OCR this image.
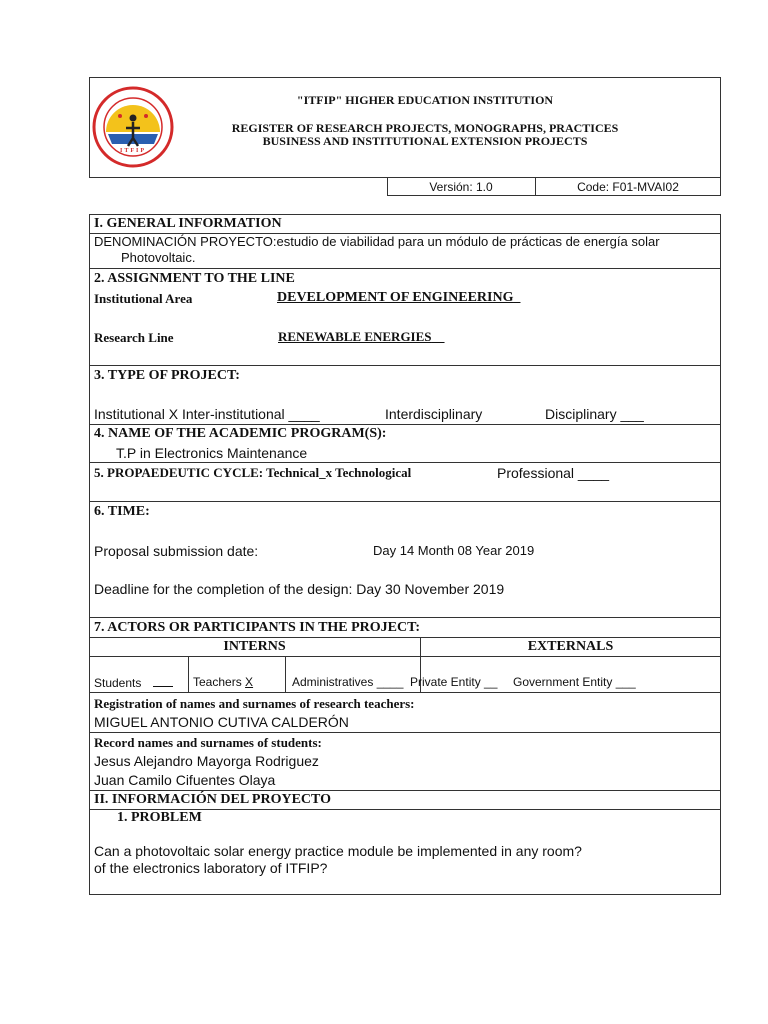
ITFIP
"ITFIP" HIGHER EDUCATION INSTITUTION
REGISTER OF RESEARCH PROJECTS, MONOGRAPHS, PRACTICES
BUSINESS AND INSTITUTIONAL EXTENSION PROJECTS
Versión: 1.0	Code: F01-MVAI02
I. GENERAL INFORMATION
DENOMINACIÓN PROYECTO:estudio de viabilidad para un módulo de prácticas de energía solar
Photovoltaic.
2. ASSIGNMENT TO THE LINE
Institutional Area	DEVELOPMENT OF ENGINEERING
Research Line	RENEWABLE ENERGIES
3. TYPE OF PROJECT:
Institutional X Inter-institutional ____	Interdisciplinary	Disciplinary ___
4. NAME OF THE ACADEMIC PROGRAM(S):
T.P in Electronics Maintenance
5. PROPAEDEUTIC CYCLE: Technical_x Technological	Professional ____
6. TIME:
Proposal submission date:	Day 14 Month 08 Year 2019
Deadline for the completion of the design: Day 30 November 2019
7. ACTORS OR PARTICIPANTS IN THE PROJECT:
INTERNS	EXTERNALS
Students	Teachers X	Administratives ____ Private Entity __ Government Entity ___
Registration of names and surnames of research teachers:
MIGUEL ANTONIO CUTIVA CALDERÓN
Record names and surnames of students:
Jesus Alejandro Mayorga Rodriguez
Juan Camilo Cifuentes Olaya
II. INFORMACIÓN DEL PROYECTO
1. PROBLEM
Can a photovoltaic solar energy practice module be implemented in any room?
of the electronics laboratory of ITFIP?
